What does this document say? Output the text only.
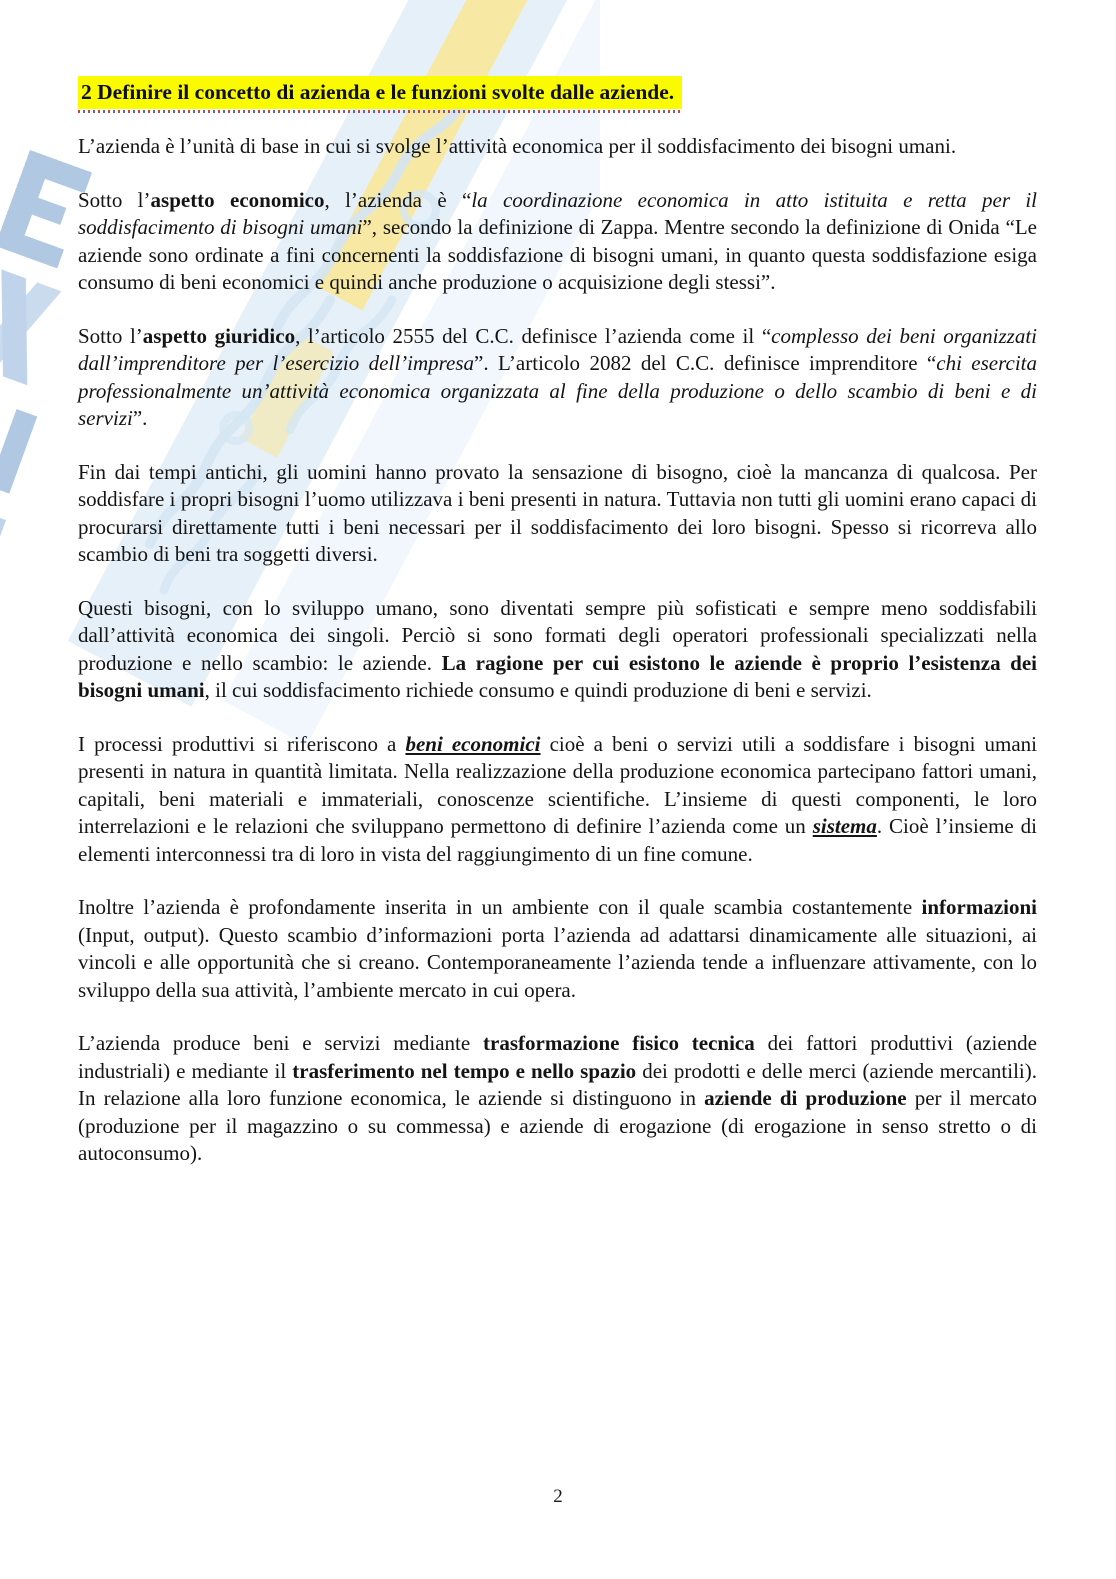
2 Definire il concetto di azienda e le funzioni svolte dalle aziende.

L’azienda è l’unità di base in cui si svolge l’attività economica per il soddisfacimento dei bisogni umani.

Sotto l’aspetto economico, l’azienda è “la coordinazione economica in atto istituita e retta per il soddisfacimento di bisogni umani”, secondo la definizione di Zappa. Mentre secondo la definizione di Onida “Le aziende sono ordinate a fini concernenti la soddisfazione di bisogni umani, in quanto questa soddisfazione esiga consumo di beni economici e quindi anche produzione o acquisizione degli stessi”.

Sotto l’aspetto giuridico, l’articolo 2555 del C.C. definisce l’azienda come il “complesso dei beni organizzati dall’imprenditore per l’esercizio dell’impresa”. L’articolo 2082 del C.C. definisce imprenditore “chi esercita professionalmente un’attività economica organizzata al fine della produzione o dello scambio di beni e di servizi”.

Fin dai tempi antichi, gli uomini hanno provato la sensazione di bisogno, cioè la mancanza di qualcosa. Per soddisfare i propri bisogni l’uomo utilizzava i beni presenti in natura. Tuttavia non tutti gli uomini erano capaci di procurarsi direttamente tutti i beni necessari per il soddisfacimento dei loro bisogni. Spesso si ricorreva allo scambio di beni tra soggetti diversi.

Questi bisogni, con lo sviluppo umano, sono diventati sempre più sofisticati e sempre meno soddisfabili dall’attività economica dei singoli. Perciò si sono formati degli operatori professionali specializzati nella produzione e nello scambio: le aziende. La ragione per cui esistono le aziende è proprio l’esistenza dei bisogni umani, il cui soddisfacimento richiede consumo e quindi produzione di beni e servizi.

I processi produttivi si riferiscono a beni economici cioè a beni o servizi utili a soddisfare i bisogni umani presenti in natura in quantità limitata. Nella realizzazione della produzione economica partecipano fattori umani, capitali, beni materiali e immateriali, conoscenze scientifiche. L’insieme di questi componenti, le loro interrelazioni e le relazioni che sviluppano permettono di definire l’azienda come un sistema. Cioè l’insieme di elementi interconnessi tra di loro in vista del raggiungimento di un fine comune.

Inoltre l’azienda è profondamente inserita in un ambiente con il quale scambia costantemente informazioni (Input, output). Questo scambio d’informazioni porta l’azienda ad adattarsi dinamicamente alle situazioni, ai vincoli e alle opportunità che si creano. Contemporaneamente l’azienda tende a influenzare attivamente, con lo sviluppo della sua attività, l’ambiente mercato in cui opera.

L’azienda produce beni e servizi mediante trasformazione fisico tecnica dei fattori produttivi (aziende industriali) e mediante il trasferimento nel tempo e nello spazio dei prodotti e delle merci (aziende mercantili). In relazione alla loro funzione economica, le aziende si distinguono in aziende di produzione per il mercato (produzione per il magazzino o su commessa) e aziende di erogazione (di erogazione in senso stretto o di autoconsumo).

2
